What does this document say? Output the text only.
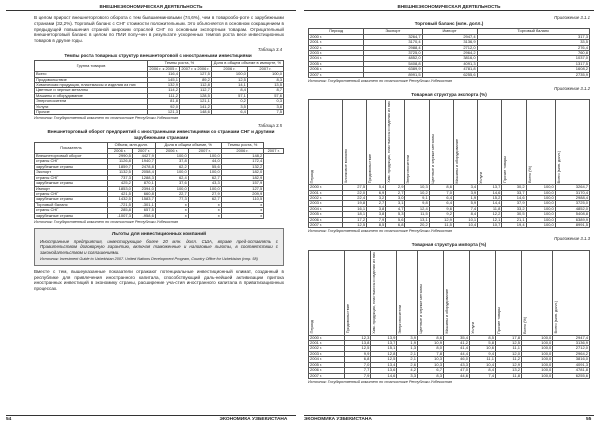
ВНЕШНЕЭКОНОМИЧЕСКАЯ ДЕЯТЕЛЬНОСТЬ

В целом прирост внешнеторгового оборота с тем бывшиеминовыми (74,6%), чем в товарообо-роте с зарубежными странами (32,2%). Торговый баланс с СНГ стоимости положительным. Это объясняется в основном сокращением в предыдущей повышения страной широким отраслей СНГ по основным экспортным товарам. Отрицательный внешнеторговый баланс в целом по ПИИ попу-чен в результате ускоренных темпов роста весе инвестиционных товаров в другие годы.

Таблица 3.4
Темпы роста товарных структур внешнеторговой с иностранными инвестициями
Группа товаров	Темпы роста, %		Доля в общем объеме в импорте, %	
	2006 г. к 2005 г.	2007 г. к 2006 г.	2006 г.	2007 г.
Всего	116,4	127,5	100,0	100,0
Продовольствие	145,1	89,2	12,5	8,3
Химическая продукция, пластмассы и изделия из них	132,9	112,8	14,1	13,5
Цветные и черные металлы	114,2	112,7	8,4	8,7
Машины и оборудование	111,2	128,5	57,1	57,6
Энергоносители	81,8	121,1	0,2	0,3
Услуги	92,0	141,2	3,5	3,8
Прочие	121,3	148,6	6,4	7,5
Источник: Государственный комитет по статистике Республики Узбекистан
Таблица 3.5
Внешнеторговый оборот предприятий с иностранными инвестициями со странами СНГ и другими зарубежными странами
Показатель	Объем, млн.долл.		Доля в общем объеме, %		Темпы роста, %	
	2006 г.	2007 г.	2006 г.	2007 г.	2006 г.	2007 г.
Внешнеторговый оборот	2990,5	4427,9	100,0	100,0	148,2	
страны СНГ	1126,8	1940,7	37,8	44,0	172,4	
зарубежные страны	1859,7	2478,8	62,2	55,6	132,2	
Экспорт	1132,5	2058,4	100,0	100,0	182,0	
страны СНГ	737,3	1288,3	62,4	62,7	182,9	
зарубежные страны	425,2	870,1	37,6	43,3	157,9	
Импорт	1853,0	2394,0	100,0	100,0	127,5	
страны СНГ	421,5	660,8	22,7	27,9	209,9	
зарубежные страны	1432,5	1583,7	77,3	62,7	110,5	
Торговый баланс	-721,5	-301,1	х	х	х	
страны СНГ	285,8	657,5	х	х	х	
зарубежные страны	-1007,3	-958,6	х	х	х	
Источник: Государственный комитет по статистике Республики Узбекистан
Льготы для инвестиционных компаний
Иностранные предприятия, инвестирующие более 20 млн. долл. США, вправе пред-оставлять с Правительством договорную гарантию, включая таможенные и налоговые льготы, в соответствии с законодательством и соглашениями.
Источник: Investment Guide to Uzbekistan 2007. United Nations Development Program, Country Office for Uzbekistan (стр. 58)

Вместе с тем, вышеуказанные показатели отражают потенциальные инвестиционный климат, созданный в республике для привлечения иностранного капитала, способствующий даль-нейшей активизации притока иностранных инвестиций в экономику страны, расширение уча-стия иностранного капитала в приватизационных процессах.

54	ЭКОНОМИКА УЗБЕКИСТАНА
ВНЕШНЕЭКОНОМИЧЕСКАЯ ДЕЯТЕЛЬНОСТЬ
Приложение 3.1.1
Торговый баланс (млн. долл.)
Период	Экспорт	Импорт	Торговый баланс
2000 г.	3264,7	2947,4	317,3
2001 г.	3170,4	3136,9	33,5
2002 г.	2988,4	2712,0	276,4
2003 г.	3725,0	2964,2	760,8
2004 г.	4852,0	3816,0	1037,0
2005 г.	5408,8	4091,3	1317,5
2006 г.	6389,9	4781,8	1608,2
2007 г.	8991,5	6255,6	2735,9
Источник: Государственный комитет по статистике Республики Узбекистан
Приложение 3.1.2
Товарная структура экспорта (%)
Период	Хлопковое волокно	Продовольствие	Хим. продукция, пластмассы и изделия из них	Энергоносители	Цветные и черные металлы	Машины и оборудование	Услуги	Прочие товары	Всего (%)	Всего (млн. долл.)

2000 г.	27,5	5,4	2,9	10,3	8,6	3,4	13,7	30,2	100,0	3264,7
2001 г.	22,0	6,9	2,7	10,2	7,0	3,9	14,6	33,7	100,0	3170,4
2002 г.	22,4	3,2	3,0	9,1	6,4	1,9	15,2	14,6	100,0	2988,4
2003 г.	19,8	2,7	3,1	9,8	6,4	5,9	14,4	37,9	100,0	3725,0
2004 г.	16,1	3,8	4,7	12,4	9,6	7,4	11,8	33,2	100,0	4852,0
2005 г.	18,1	3,8	5,3	11,5	9,2	8,4	12,2	30,5	100,0	5408,8
2006 г.	17,2	7,9	5,6	13,1	12,9	10,1	12,1	21,1	100,0	6389,9
2007 г.	12,5	8,5	6,8	20,2	11,5	10,4	10,7	19,4	100,0	8991,5
Источник: Государственный комитет по статистике Республики Узбекистан
Приложение 3.1.3
Товарная структура импорта (%)
Период	Продовольствие	Хим. продукция, пластмассы и изделия из них	Энергоносители	Цветные и черные металлы	Машины и оборудование	Услуги	Прочие товары	Всего (%)	Всего (млн. долл.)

2000 г.	12,3	13,9	3,9	8,6	35,4	8,5	17,8	100,0	2947,4
2001 г.	13,8	13,7	1,9	10,9	41,2	5,8	12,5	100,0	3136,9
2002 г.	12,5	15,1	1,3	8,0	41,4	10,6	11,1	100,0	2712,0
2003 г.	9,9	12,8	2,1	7,8	44,4	9,4	12,0	100,0	2964,2
2004 г.	6,8	12,5	2,1	10,3	46,0	11,1	11,2	100,0	3816,0
2005 г.	7,0	13,4	2,6	10,3	43,3	10,4	12,9	100,0	4091,3
2006 г.	7,7	13,6	4,2	6,7	47,0	8,4	13,2	100,0	4781,8
2007 г.	7,9	14,6	3,3	8,3	44,6	7,4	11,8	100,0	6255,6
Источник: Государственный комитет по статистике Республики Узбекистан
ЭКОНОМИКА УЗБЕКИСТАНА	55
